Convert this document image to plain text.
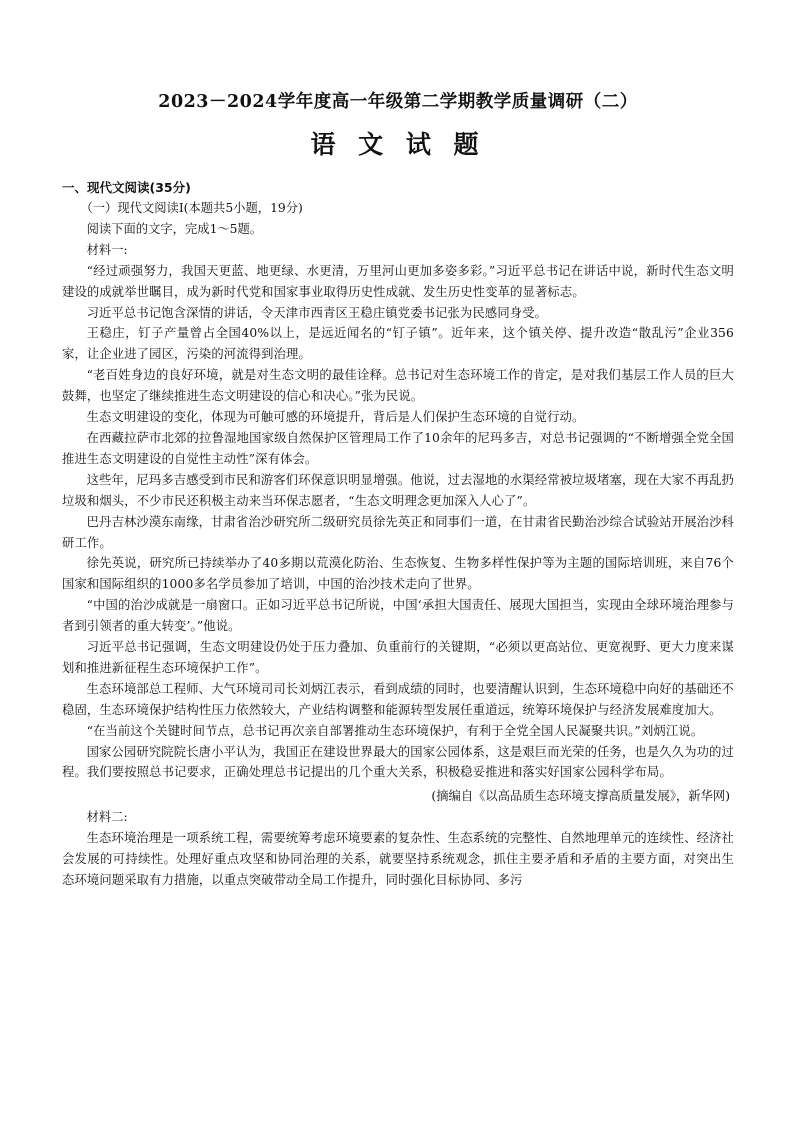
2023－2024学年度高一年级第二学期教学质量调研（二）
语 文 试 题

一、现代文阅读(35分)

（一）现代文阅读Ⅰ(本题共5小题，19分)

阅读下面的文字，完成1～5题。

材料一:

“经过顽强努力，我国天更蓝、地更绿、水更清，万里河山更加多姿多彩。”习近平总书记在讲话中说，新时代生态文明建设的成就举世瞩目，成为新时代党和国家事业取得历史性成就、发生历史性变革的显著标志。

习近平总书记饱含深情的讲话，令天津市西青区王稳庄镇党委书记张为民感同身受。

王稳庄，钉子产量曾占全国40%以上，是远近闻名的“钉子镇”。近年来，这个镇关停、提升改造“散乱污”企业356家，让企业进了园区，污染的河流得到治理。

“老百姓身边的良好环境，就是对生态文明的最佳诠释。总书记对生态环境工作的肯定，是对我们基层工作人员的巨大鼓舞，也坚定了继续推进生态文明建设的信心和决心。”张为民说。

生态文明建设的变化，体现为可触可感的环境提升，背后是人们保护生态环境的自觉行动。

在西藏拉萨市北郊的拉鲁湿地国家级自然保护区管理局工作了10余年的尼玛多吉，对总书记强调的“不断增强全党全国推进生态文明建设的自觉性主动性”深有体会。

这些年，尼玛多吉感受到市民和游客们环保意识明显增强。他说，过去湿地的水渠经常被垃圾堵塞，现在大家不再乱扔垃圾和烟头，不少市民还积极主动来当环保志愿者，“生态文明理念更加深入人心了”。

巴丹吉林沙漠东南缘，甘肃省治沙研究所二级研究员徐先英正和同事们一道，在甘肃省民勤治沙综合试验站开展治沙科研工作。

徐先英说，研究所已持续举办了40多期以荒漠化防治、生态恢复、生物多样性保护等为主题的国际培训班，来自76个国家和国际组织的1000多名学员参加了培训，中国的治沙技术走向了世界。

“中国的治沙成就是一扇窗口。正如习近平总书记所说，中国‘承担大国责任、展现大国担当，实现由全球环境治理参与者到引领者的重大转变’。”他说。

习近平总书记强调，生态文明建设仍处于压力叠加、负重前行的关键期，“必须以更高站位、更宽视野、更大力度来谋划和推进新征程生态环境保护工作”。

生态环境部总工程师、大气环境司司长刘炳江表示，看到成绩的同时，也要清醒认识到，生态环境稳中向好的基础还不稳固，生态环境保护结构性压力依然较大，产业结构调整和能源转型发展任重道远，统筹环境保护与经济发展难度加大。

“在当前这个关键时间节点，总书记再次亲自部署推动生态环境保护，有利于全党全国人民凝聚共识。”刘炳江说。

国家公园研究院院长唐小平认为，我国正在建设世界最大的国家公园体系，这是艰巨而光荣的任务，也是久久为功的过程。我们要按照总书记要求，正确处理总书记提出的几个重大关系，积极稳妥推进和落实好国家公园科学布局。

(摘编自《以高品质生态环境支撑高质量发展》，新华网)

材料二:

生态环境治理是一项系统工程，需要统筹考虑环境要素的复杂性、生态系统的完整性、自然地理单元的连续性、经济社会发展的可持续性。处理好重点攻坚和协同治理的关系，就要坚持系统观念，抓住主要矛盾和矛盾的主要方面，对突出生态环境问题采取有力措施，以重点突破带动全局工作提升，同时强化目标协同、多污
